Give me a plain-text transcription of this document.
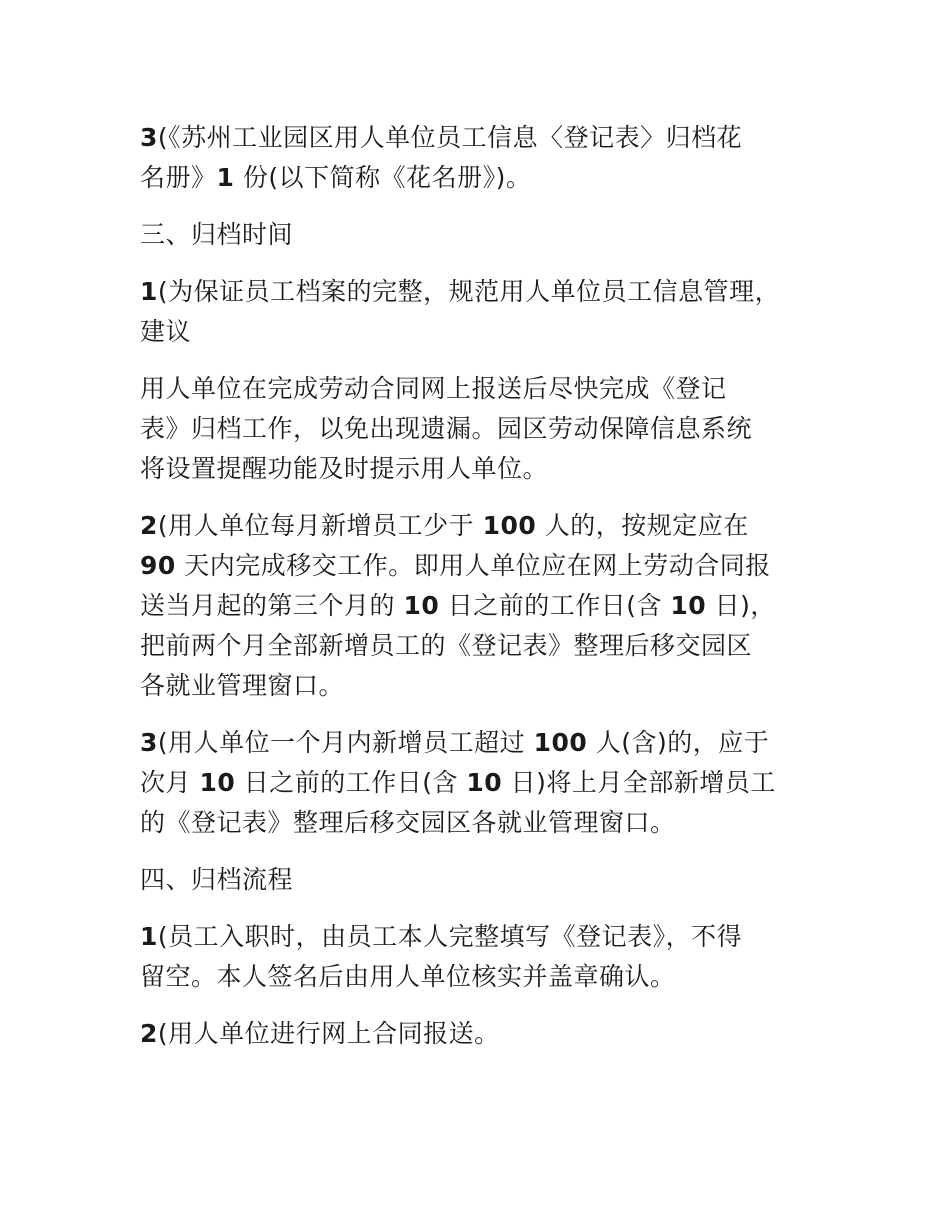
3(《苏州工业园区用人单位员工信息〈登记表〉归档花
名册》1 份(以下简称《花名册》)。

三、归档时间

1(为保证员工档案的完整，规范用人单位员工信息管理，
建议

用人单位在完成劳动合同网上报送后尽快完成《登记
表》归档工作，以免出现遗漏。园区劳动保障信息系统
将设置提醒功能及时提示用人单位。

2(用人单位每月新增员工少于 100 人的，按规定应在
90 天内完成移交工作。即用人单位应在网上劳动合同报
送当月起的第三个月的 10 日之前的工作日(含 10 日)，
把前两个月全部新增员工的《登记表》整理后移交园区
各就业管理窗口。

3(用人单位一个月内新增员工超过 100 人(含)的，应于
次月 10 日之前的工作日(含 10 日)将上月全部新增员工
的《登记表》整理后移交园区各就业管理窗口。

四、归档流程

1(员工入职时，由员工本人完整填写《登记表》，不得
留空。本人签名后由用人单位核实并盖章确认。

2(用人单位进行网上合同报送。
